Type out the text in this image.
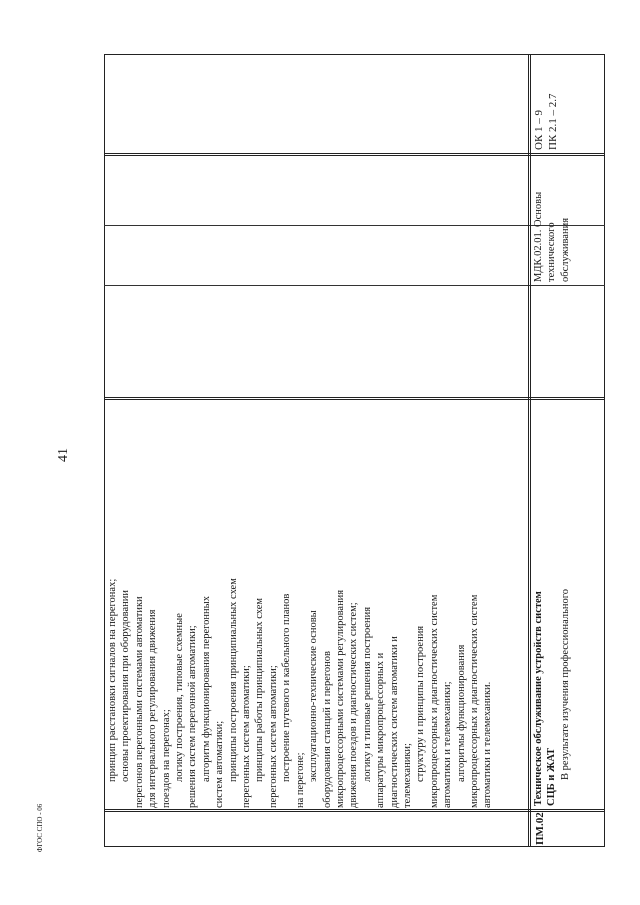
41
ФГОС СПО - 06
принцип расстановки сигналов на перегонах; основы проектирования при оборудовании перегонов перегонными системами автоматики для интервального регулирования движения поездов на перегонах; логику построения, типовые схемные решения систем перегонной автоматики; алгоритм функционирования перегонных систем автоматики; принципы построения принципиальных схем перегонных систем автоматики; принципы работы принципиальных схем перегонных систем автоматики; построение путевого и кабельного планов на перегоне; эксплуатационно-технические основы оборудования станций и перегонов микропроцессорными системами регулирования движения поездов и диагностических систем; логику и типовые решения построения аппаратуры микропроцессорных и диагностических систем автоматики и телемеханики; структуру и принципы построения микропроцессорных и диагностических систем автоматики и телемеханики; алгоритмы функционирования микропроцессорных и диагностических систем автоматики и телемеханики.
ПМ.02
Техническое обслуживание устройств систем СЦБ и ЖАТ В результате изучения профессионального
МДК.02.01. Основы технического обслуживания
ОК 1 – 9 ПК 2.1 – 2.7
